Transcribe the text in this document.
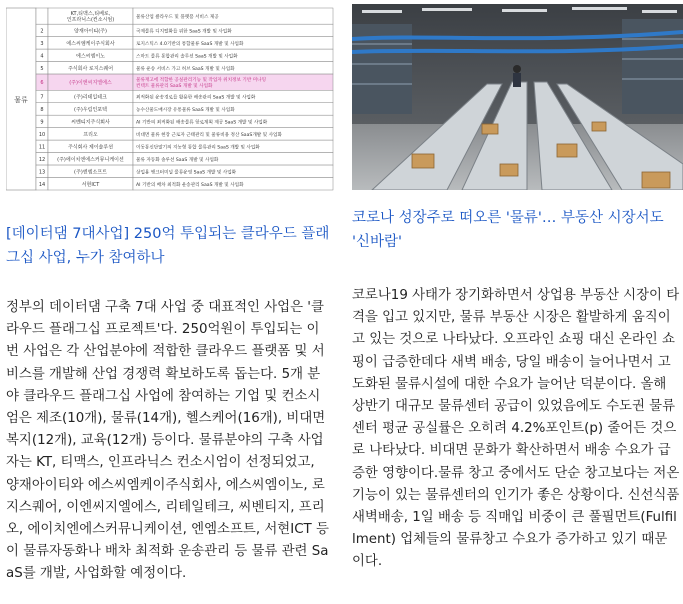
물류
KT,티맥스,티베로,
인프라닉스(컨소시엄)	물류산업 클라우드 및 플랫폼 서비스 제공
2	양재아이티(주)	국제물류 디지털화를 위한 SaaS 개발 및 사업화
3	에스씨엠케이주식회사	로지스틱스 4.0기반의 통합물류 SaaS 개발 및 사업화
4	에스씨엠이노	스마트 물류 통합관리 솔루션 SaaS 개발 및 사업화
5	주식회사 로지스퀘어	물류 운송 서비스 가고 허브 SaaS 개발 및 사업화
6	(주)이엔씨지엘에스	물류재고에 적합한 공실관리기능 및 작업자 위치정보 기반 미나밍
컨텍트 물류관리 SaaS 개발 및 사업화
7	(주)리테일테크	최적화된 운송경로를 활용한 배송관리 SaaS 개발 및 사업화
8	(주)우림인포텍	농수산물도매시장 유통물류 SaaS 개발 및 사업화
9	씨벤티지주식회사	AI 기반의 최적화된 배송물류 항로계획 제공 SaaS 개발 및 사업화
10	프리오	비대면 물류 현장 근로자 근태관리 및 물류비용 정산 SaaS개발 및 사업화
11	주식회사 제이솔루션	이동통신단말기의 지능형 통합 물류관리 SaaS 개발 및 사업화
12 (주)에이치엔에스커뮤니케이션	물류 자동화 솔루션 SaaS 개발 및 사업화
13	(주)엔엠소프트	상업용 행크터미널 물류운영 SaaS 개발 및 사업화
14	서현ICT	AI 기반의 배차 최적화 운송관리 SaaS 개발 및 사업화
[데이터댐 7대사업] 250억 투입되는 클라우드 플래그십 사업, 누가 참여하나

정부의 데이터댐 구축 7대 사업 중 대표적인 사업은 '클라우드 플래그십 프로젝트'다. 250억원이 투입되는 이번 사업은 각 산업분야에 적합한 클라우드 플랫폼 및 서비스를 개발해 산업 경쟁력 확보하도록 돕는다. 5개 분야 클라우드 플래그십 사업에 참여하는 기업 및 컨소시엄은 제조(10개), 물류(14개), 헬스케어(16개), 비대면복지(12개), 교육(12개) 등이다. 물류분야의 구축 사업자는 KT, 티맥스, 인프라닉스 컨소시엄이 선정되었고, 양재아이티와 에스씨엠케이주식회사, 에스씨엠이노, 로지스퀘어, 이엔씨지엘에스, 리테일테크, 씨벤티지, 프리오, 에이치엔에스커뮤니케이션, 엔엠소프트, 서현ICT 등이 물류자동화나 배차 최적화 운송관리 등 물류 관련 SaaS를 개발, 사업화할 예정이다.

코로나 성장주로 떠오른 '물류'… 부동산 시장서도 '신바람'

코로나19 사태가 장기화하면서 상업용 부동산 시장이 타격을 입고 있지만, 물류 부동산 시장은 활발하게 움직이고 있는 것으로 나타났다. 오프라인 쇼핑 대신 온라인 쇼핑이 급증한데다 새벽 배송, 당일 배송이 늘어나면서 고도화된 물류시설에 대한 수요가 늘어난 덕분이다. 올해 상반기 대규모 물류센터 공급이 있었음에도 수도권 물류센터 평균 공실률은 오히려 4.2%포인트(p) 줄어든 것으로 나타났다. 비대면 문화가 확산하면서 배송 수요가 급증한 영향이다.물류 창고 중에서도 단순 창고보다는 저온 기능이 있는 물류센터의 인기가 좋은 상황이다. 신선식품 새벽배송, 1일 배송 등 직매입 비중이 큰 풀필먼트(Fulfillment) 업체들의 물류창고 수요가 증가하고 있기 때문이다.
